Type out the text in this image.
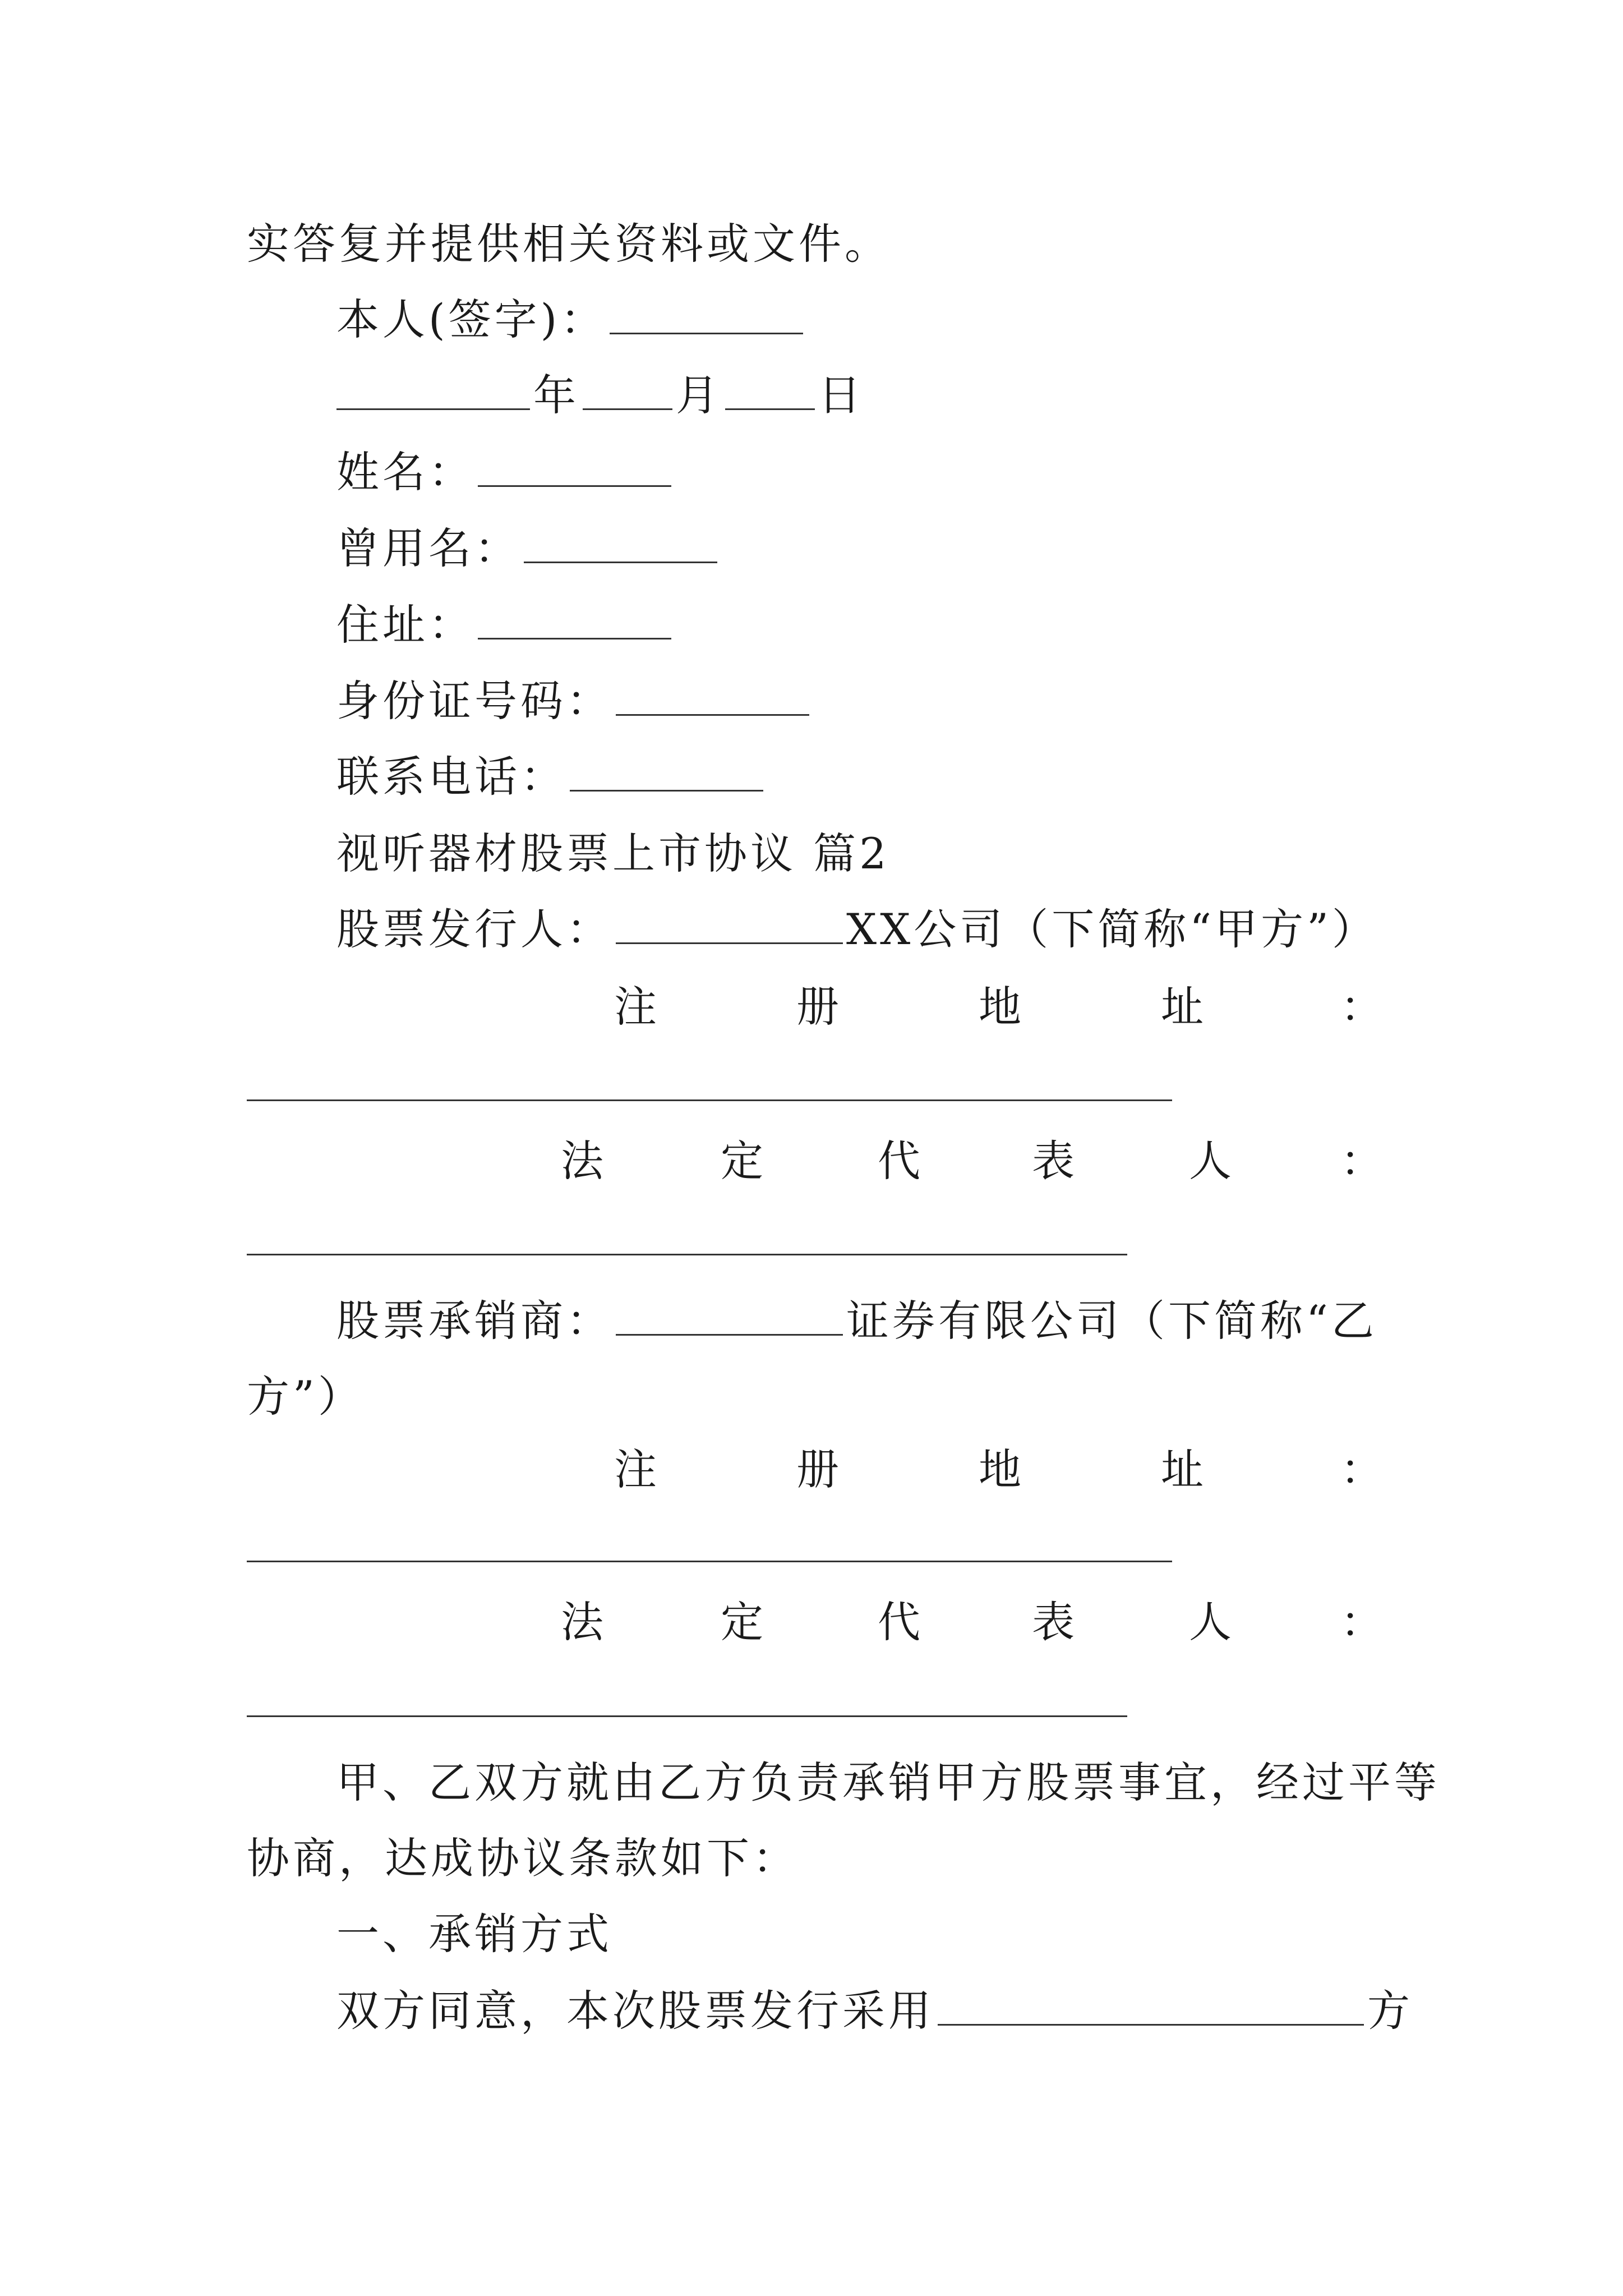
实答复并提供相关资料或文件。
本人(签字)：
年 月 日
姓名：
曾用名：
住址：
身份证号码：
联系电话：
视听器材股票上市协议 篇2
股票发行人：	XX公司（下简称“甲方”）
注	册	地	址	：
法	定	代	表	人	：
股票承销商：	证券有限公司（下简称“乙
方”）
注	册	地	址	：
法	定	代	表	人	：
甲、乙双方就由乙方负责承销甲方股票事宜，经过平等
协商，达成协议条款如下：
一、承销方式
双方同意，本次股票发行采用	方
